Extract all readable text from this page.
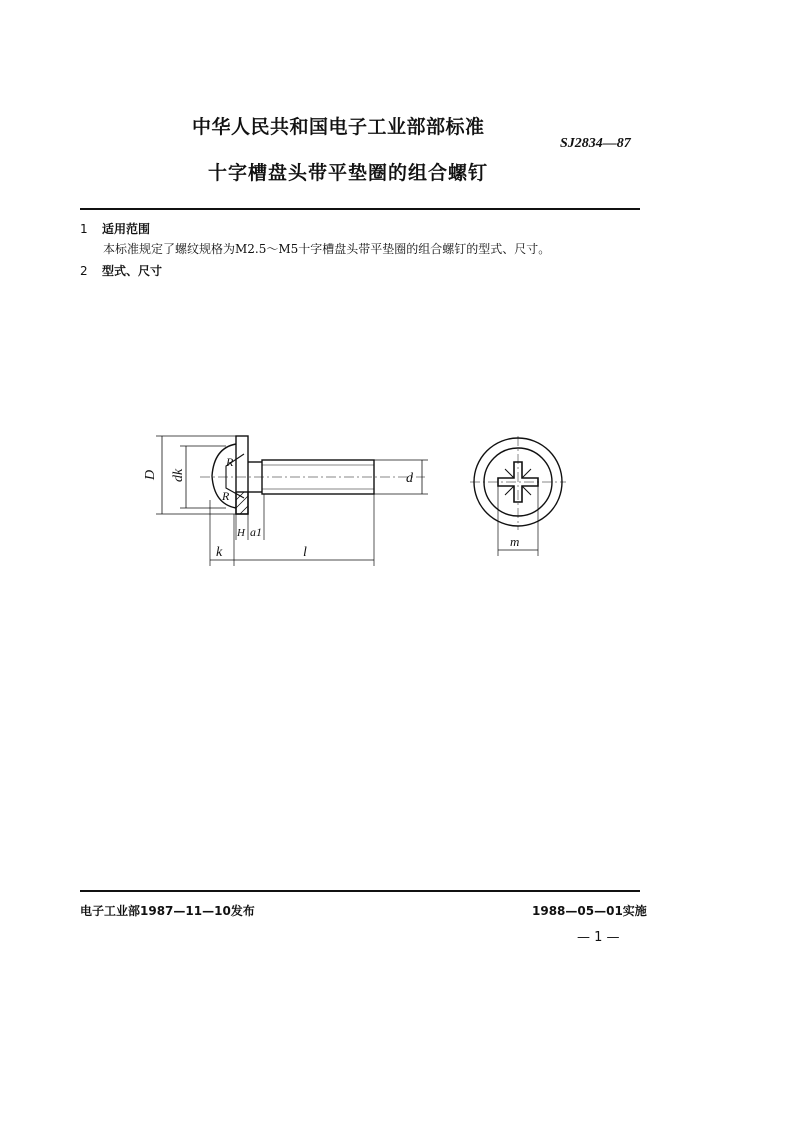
中华人民共和国电子工业部部标准
SJ2834—87
十字槽盘头带平垫圈的组合螺钉
1 适用范围
本标准规定了螺纹规格为M2.5～M5十字槽盘头带平垫圈的组合螺钉的型式、尺寸。
2 型式、尺寸
D dk
R
R
d
H a1
k	l
m
电子工业部1987—11—10发布	1988—05—01实施
— 1 —
